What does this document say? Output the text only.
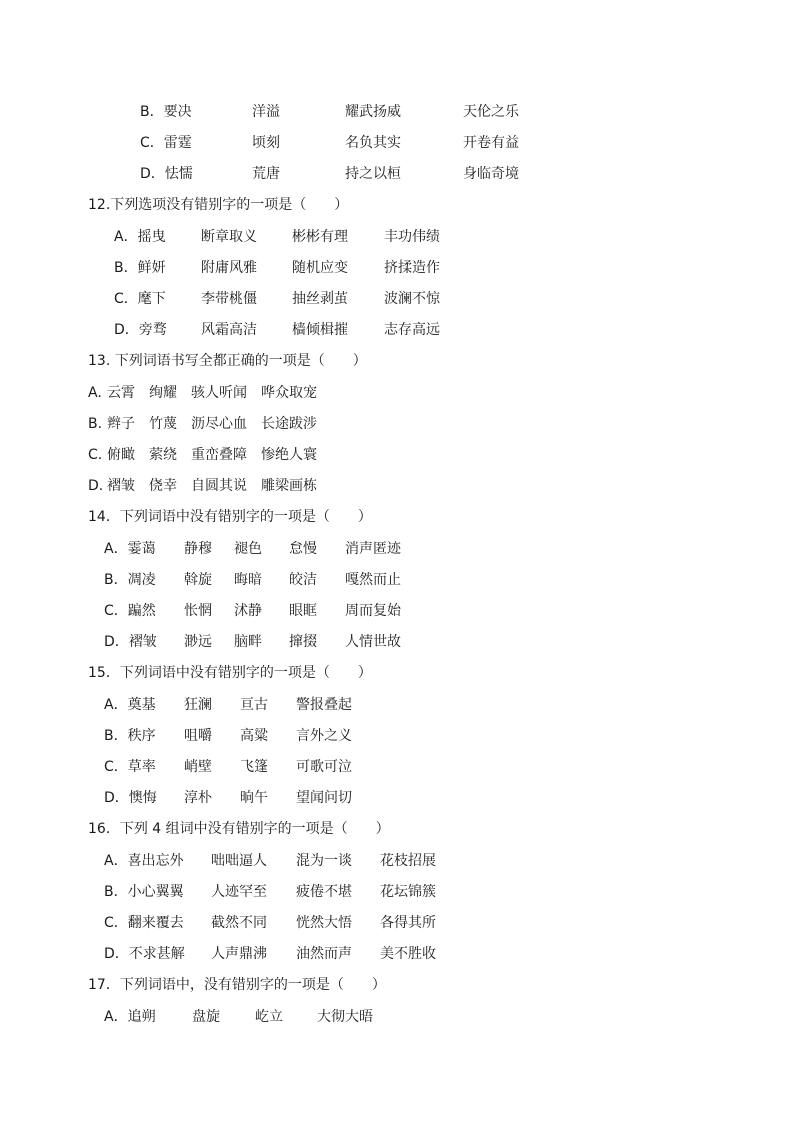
B．要决	洋溢	耀武扬威	天伦之乐
C．雷霆	顷刻	名负其实	开卷有益
D．怯懦	荒唐	持之以桓	身临奇境
12.下列选项没有错别字的一项是（　　）
A．摇曳	断章取义	彬彬有理	丰功伟绩
B．鲜妍	附庸风雅	随机应变	挤揉造作
C．麾下	李带桃僵	抽丝剥茧	波澜不惊
D．旁骛 风霜高洁	樯倾楫摧	志存高远
13. 下列词语书写全都正确的一项是（　　）
A. 云霄 绚耀 骇人听闻 哗众取宠
B. 辫子 竹蔑 沥尽心血 长途跋涉
C. 俯瞰 萦绕 重峦叠障 惨绝人寰
D. 褶皱 侥幸 自圆其说 雕梁画栋
14．下列词语中没有错别字的一项是（　　）
A．霎蔼 静穆 褪色 怠慢 消声匿迹
B．凋凌 斡旋 晦暗 皎洁 嘎然而止
C．蹁然 怅惘 沭静 眼眶 周而复始
D．褶皱 渺远 脑畔 撺掇 人情世故
15．下列词语中没有错别字的一项是（　　）
A．奠基 狂澜 亘古 警报叠起
B．秩序 咀嚼 高粱 言外之义
C．草率 峭壁 飞篷 可歌可泣
D．懊悔 淳朴 晌午 望闻问切
16．下列 4 组词中没有错别字的一项是（　　）
A．喜出忘外 咄咄逼人 混为一谈 花枝招展
B．小心翼翼 人迹罕至 疲倦不堪 花坛锦簇
C．翻来覆去 截然不同 恍然大悟 各得其所
D．不求甚解 人声鼎沸 油然而声 美不胜收
17．下列词语中，没有错别字的一项是（　　）
A．追朔	盘旋	屹立 大彻大晤
